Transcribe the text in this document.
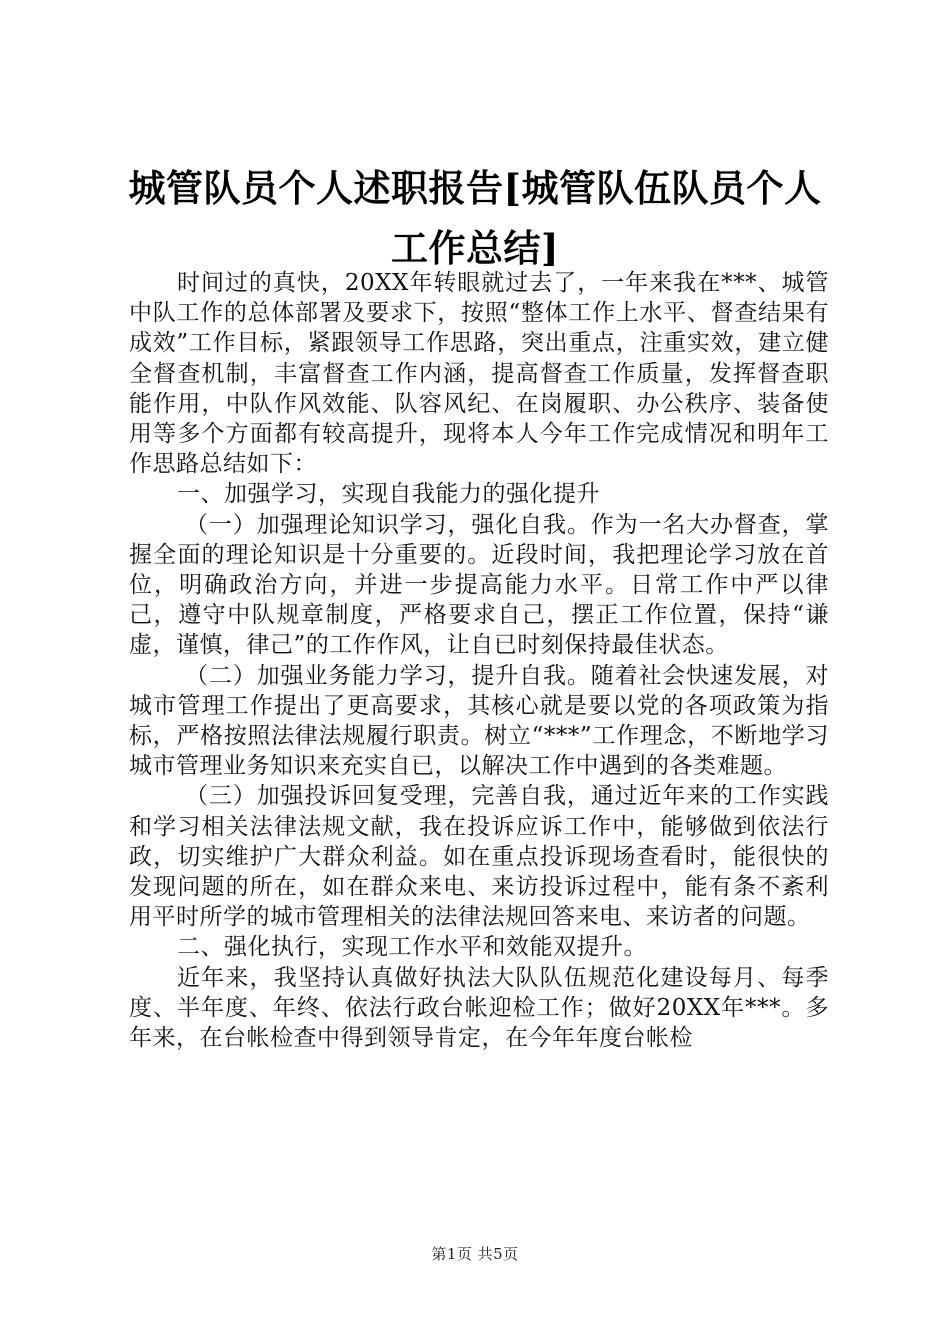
城管队员个人述职报告[城管队伍队员个人工作总结]

时间过的真快，20XX年转眼就过去了，一年来我在***、城管中队工作的总体部署及要求下，按照“整体工作上水平、督查结果有成效”工作目标，紧跟领导工作思路，突出重点，注重实效，建立健全督查机制，丰富督查工作内涵，提高督查工作质量，发挥督查职能作用，中队作风效能、队容风纪、在岗履职、办公秩序、装备使用等多个方面都有较高提升，现将本人今年工作完成情况和明年工作思路总结如下：

一、加强学习，实现自我能力的强化提升

（一）加强理论知识学习，强化自我。作为一名大办督查，掌握全面的理论知识是十分重要的。近段时间，我把理论学习放在首位，明确政治方向，并进一步提高能力水平。日常工作中严以律己，遵守中队规章制度，严格要求自己，摆正工作位置，保持“谦虚，谨慎，律己”的工作作风，让自已时刻保持最佳状态。

（二）加强业务能力学习，提升自我。随着社会快速发展，对城市管理工作提出了更高要求，其核心就是要以党的各项政策为指标，严格按照法律法规履行职责。树立“***”工作理念，不断地学习城市管理业务知识来充实自已，以解决工作中遇到的各类难题。

（三）加强投诉回复受理，完善自我，通过近年来的工作实践和学习相关法律法规文献，我在投诉应诉工作中，能够做到依法行政，切实维护广大群众利益。如在重点投诉现场查看时，能很快的发现问题的所在，如在群众来电、来访投诉过程中，能有条不紊利用平时所学的城市管理相关的法律法规回答来电、来访者的问题。

二、强化执行，实现工作水平和效能双提升。

近年来，我坚持认真做好执法大队队伍规范化建设每月、每季度、半年度、年终、依法行政台帐迎检工作；做好20XX年***。多年来，在台帐检查中得到领导肯定，在今年年度台帐检

第1页 共5页
